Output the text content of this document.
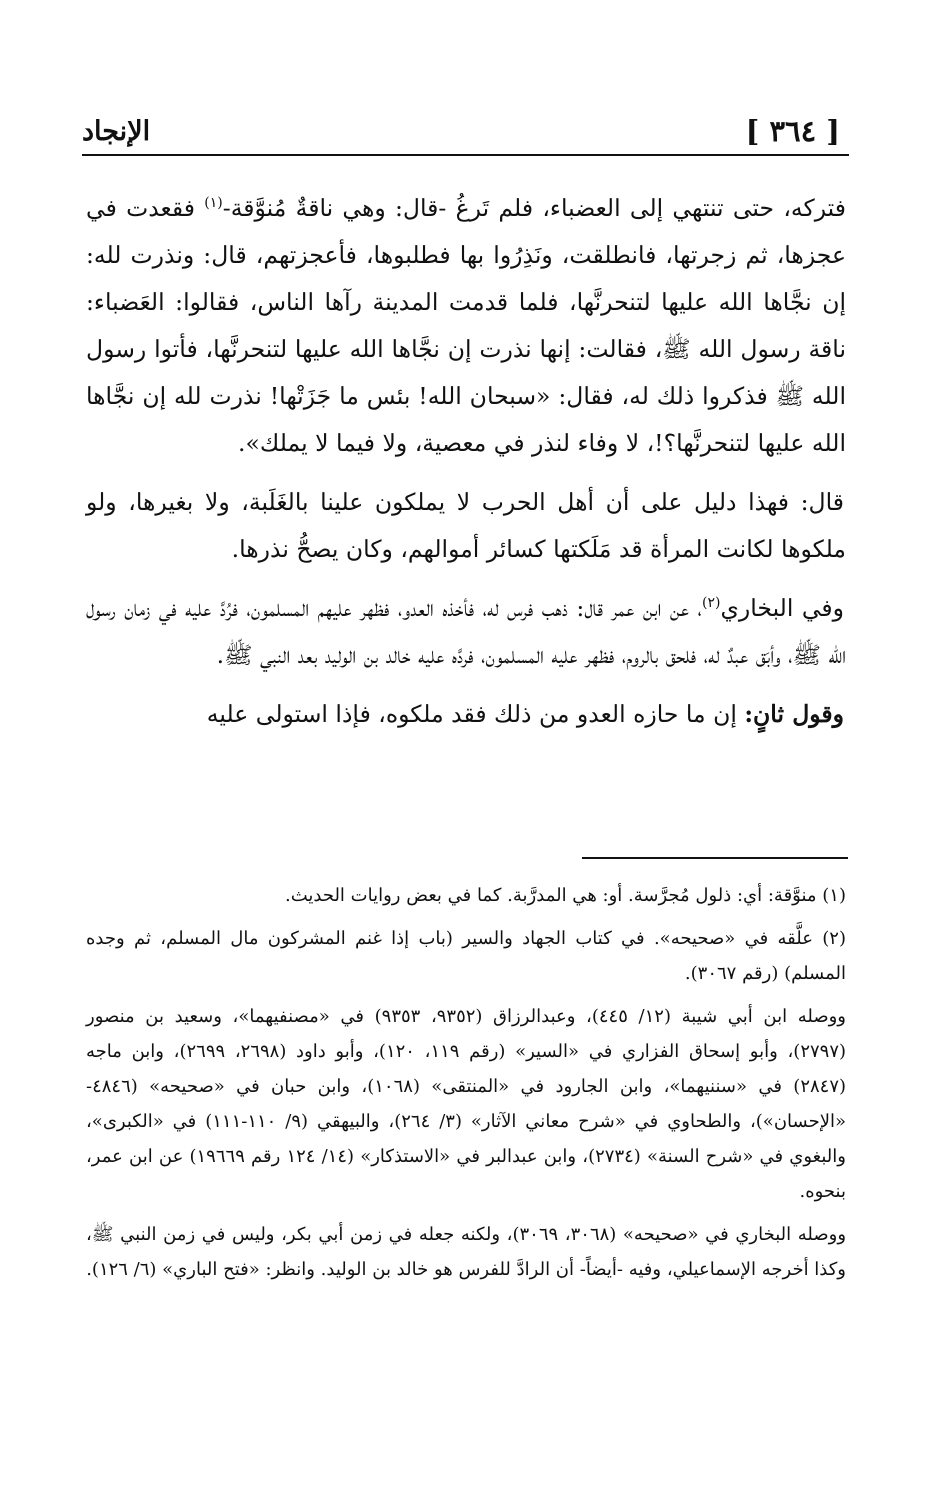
[ ٣٦٤ ]
الإنجاد

فتركه، حتى تنتهي إلى العضباء، فلم تَرغُ -قال: وهي ناقةٌ مُنوَّقة-$^{(١)}$ فقعدت في عجزها، ثم زجرتها، فانطلقت، ونَذِرُوا بها فطلبوها، فأعجزتهم، قال: ونذرت لله: إن نجَّاها الله عليها لتنحرنَّها، فلما قدمت المدينة رآها الناس، فقالوا: العَضباء: ناقة رسول الله ﷺ، فقالت: إنها نذرت إن نجَّاها الله عليها لتنحرنَّها، فأتوا رسول الله ﷺ فذكروا ذلك له، فقال: «سبحان الله! بئس ما جَزَتْها! نذرت لله إن نجَّاها الله عليها لتنحرنَّها؟!، لا وفاء لنذر في معصية، ولا فيما لا يملك».

قال: فهذا دليل على أن أهل الحرب لا يملكون علينا بالغَلَبة، ولا بغيرها، ولو ملكوها لكانت المرأة قد مَلَكتها كسائر أموالهم، وكان يصحُّ نذرها.

وفي البخاري$^{(٢)}$، عن ابن عمر قال: ذهب فرس له، فأخذه العدو، فظهر عليهم المسلمون، فرُدَّ عليه في زمان رسول الله ﷺ، وأبَق عبدٌ له، فلحق بالروم، فظهر عليه المسلمون، فردَّه عليه خالد بن الوليد بعد النبي ﷺ.

وقول ثانٍ: إن ما حازه العدو من ذلك فقد ملكوه، فإذا استولى عليه

(١) منوَّقة: أي: ذلول مُجرَّسة. أو: هي المدرَّبة. كما في بعض روايات الحديث.

(٢) علَّقه في «صحيحه». في كتاب الجهاد والسير (باب إذا غنم المشركون مال المسلم، ثم وجده المسلم) (رقم ٣٠٦٧).

ووصله ابن أبي شيبة (١٢/ ٤٤٥)، وعبدالرزاق (٩٣٥٢، ٩٣٥٣) في «مصنفيهما»، وسعيد بن منصور (٢٧٩٧)، وأبو إسحاق الفزاري في «السير» (رقم ١١٩، ١٢٠)، وأبو داود (٢٦٩٨، ٢٦٩٩)، وابن ماجه (٢٨٤٧) في «سننيهما»، وابن الجارود في «المنتقى» (١٠٦٨)، وابن حبان في «صحيحه» (٤٨٤٦- «الإحسان»)، والطحاوي في «شرح معاني الآثار» (٣/ ٢٦٤)، والبيهقي (٩/ ١١٠-١١١) في «الكبرى»، والبغوي في «شرح السنة» (٢٧٣٤)، وابن عبدالبر في «الاستذكار» (١٤/ ١٢٤ رقم ١٩٦٦٩) عن ابن عمر، بنحوه.

ووصله البخاري في «صحيحه» (٣٠٦٨، ٣٠٦٩)، ولكنه جعله في زمن أبي بكر، وليس في زمن النبي ﷺ، وكذا أخرجه الإسماعيلي، وفيه -أيضاً- أن الرادَّ للفرس هو خالد بن الوليد. وانظر: «فتح الباري» (٦/ ١٢٦).
